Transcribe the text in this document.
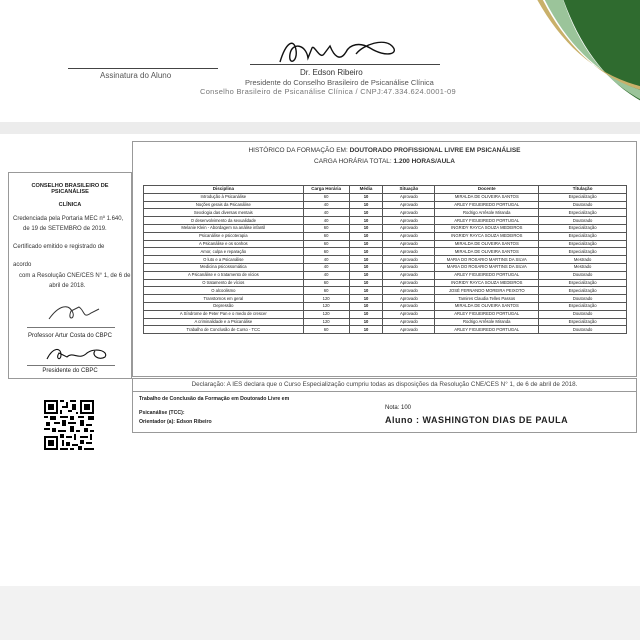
Assinatura do Aluno	Dr. Edson Ribeiro
Presidente do Conselho Brasileiro de Psicanálise Clínica
Conselho Brasileiro de Psicanálise Clínica / CNPJ:47.334.624.0001-09
CONSELHO BRASILEIRO DE PSICANÁLISE
CLÍNICA
Credenciada pela Portaria MEC nº 1.640,
de 19 de SETEMBRO de 2019.
Certificado emitido e registrado de
acordo
com a Resolução CNE/CES N° 1, de 6 de
abril de 2018.
Professor Artur Costa do CBPC
Presidente do CBPC
HISTÓRICO DA FORMAÇÃO EM: DOUTORADO PROFISSIONAL LIVRE EM PSICANÁLISE
CARGA HORÁRIA TOTAL: 1.200 HORAS/AULA
Disciplina	Carga Horária	Média	Situação	Docente	Titulação
Introdução à Psicanálise	60	10	Aprovado	MIRALDA DE OLIVEIRA SANTOS	Especialização
Noções gerais da Psicanálise	40	10	Aprovado	ARLEY FIGUEIREDO PORTUGAL	Doutorado
Sexologia das diversas mentais	40	10	Aprovado	Rodrigo Arrêsole Miranda	Especialização
O desenvolvimento da sexualidade	40	10	Aprovado	ARLEY FIGUEIREDO PORTUGAL	Doutorado
Melanie Klein - Abordagem na análise infantil	60	10	Aprovado	INGRIDY RAYCA SOUZA MEDEIROS	Especialização
Psicanálise e psicoterapia	60	10	Aprovado	INGRIDY RAYCA SOUZA MEDEIROS	Especialização
A Psicanálise e os sonhos	60	10	Aprovado	MIRALDA DE OLIVEIRA SANTOS	Especialização
Amor, culpa e reparação	60	10	Aprovado	MIRALDA DE OLIVEIRA SANTOS	Especialização
O luto e a Psicanálise	40	10	Aprovado	MARIA DO ROSARIO MARTINS DA SILVA	Mestrado
Medicina psicossomática	40	10	Aprovado	MARIA DO ROSARIO MARTINS DA SILVA	Mestrado
A Psicanálise e o tratamento de vícios	40	10	Aprovado	ARLEY FIGUEIREDO PORTUGAL	Doutorado
O tratamento de vícios	60	10	Aprovado	INGRIDY RAYCA SOUZA MEDEIROS	Especialização
O alcoolismo	60	10	Aprovado	JOSÉ FERNANDO MOREIRA PEIXOTO	Especialização
Transtornos em geral	120	10	Aprovado	Tamires Claudia Telles Passos	Doutorado
Depressão	120	10	Aprovado	MIRALDA DE OLIVEIRA SANTOS	Especialização
A Síndrome de Peter Pan e o medo de crescer	120	10	Aprovado	ARLEY FIGUEIREDO PORTUGAL	Doutorado
A criminalidade e a Psicanálise	120	10	Aprovado	Rodrigo Arrêsole Miranda	Especialização
Trabalho de Conclusão de Curso - TCC	60	10	Aprovado	ARLEY FIGUEIREDO PORTUGAL	Doutorado
Declaração: A IES declara que o Curso Especialização cumpriu todas as disposições da Resolução CNE/CES N° 1, de 6 de abril de 2018.
Trabalho de Conclusão da Formação em Doutorado Livre em
Psicanálise (TCC):
Orientador (a): Edson Ribeiro
Nota: 100
Aluno : WASHINGTON DIAS DE PAULA
